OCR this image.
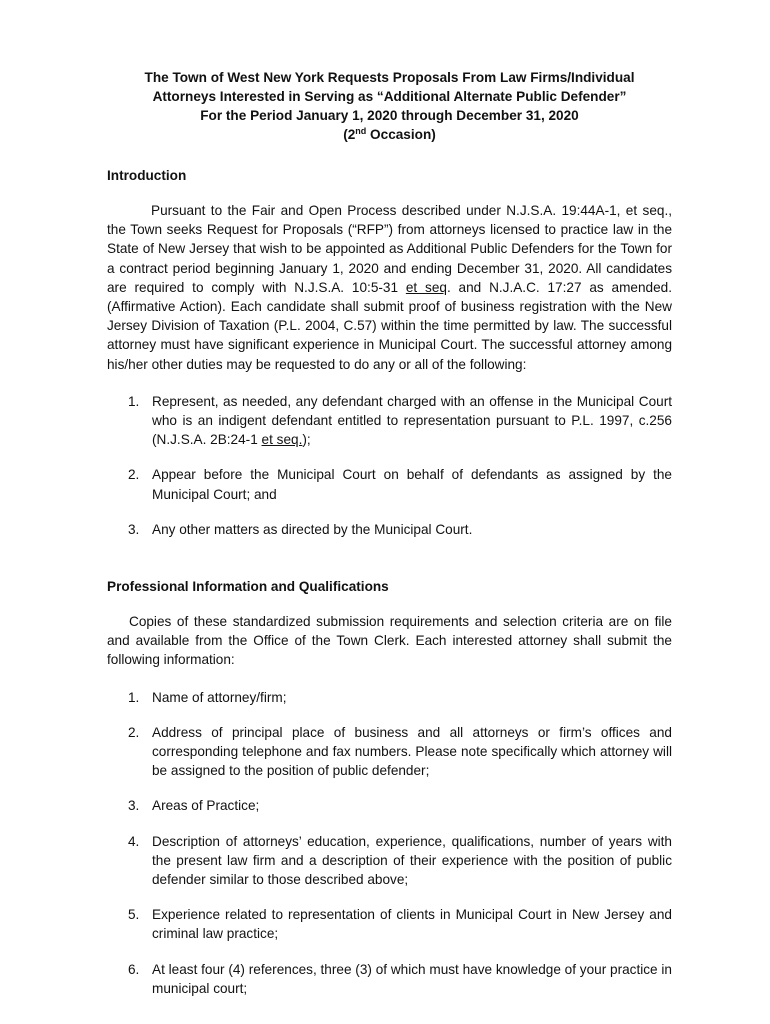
The Town of West New York Requests Proposals From Law Firms/Individual
Attorneys Interested in Serving as “Additional Alternate Public Defender”
For the Period January 1, 2020 through December 31, 2020
(2nd Occasion)
Introduction

Pursuant to the Fair and Open Process described under N.J.S.A. 19:44A-1, et seq., the Town seeks Request for Proposals (“RFP”) from attorneys licensed to practice law in the State of New Jersey that wish to be appointed as Additional Public Defenders for the Town for a contract period beginning January 1, 2020 and ending December 31, 2020. All candidates are required to comply with N.J.S.A. 10:5-31 et seq. and N.J.A.C. 17:27 as amended. (Affirmative Action). Each candidate shall submit proof of business registration with the New Jersey Division of Taxation (P.L. 2004, C.57) within the time permitted by law. The successful attorney must have significant experience in Municipal Court. The successful attorney among his/her other duties may be requested to do any or all of the following:

1. Represent, as needed, any defendant charged with an offense in the Municipal Court who is an indigent defendant entitled to representation pursuant to P.L. 1997, c.256 (N.J.S.A. 2B:24-1 et seq.);
2. Appear before the Municipal Court on behalf of defendants as assigned by the Municipal Court; and
3. Any other matters as directed by the Municipal Court.
Professional Information and Qualifications

Copies of these standardized submission requirements and selection criteria are on file and available from the Office of the Town Clerk. Each interested attorney shall submit the following information:

1. Name of attorney/firm;
2. Address of principal place of business and all attorneys or firm’s offices and corresponding telephone and fax numbers. Please note specifically which attorney will be assigned to the position of public defender;
3. Areas of Practice;
4. Description of attorneys’ education, experience, qualifications, number of years with the present law firm and a description of their experience with the position of public defender similar to those described above;
5. Experience related to representation of clients in Municipal Court in New Jersey and criminal law practice;
6. At least four (4) references, three (3) of which must have knowledge of your practice in municipal court;
